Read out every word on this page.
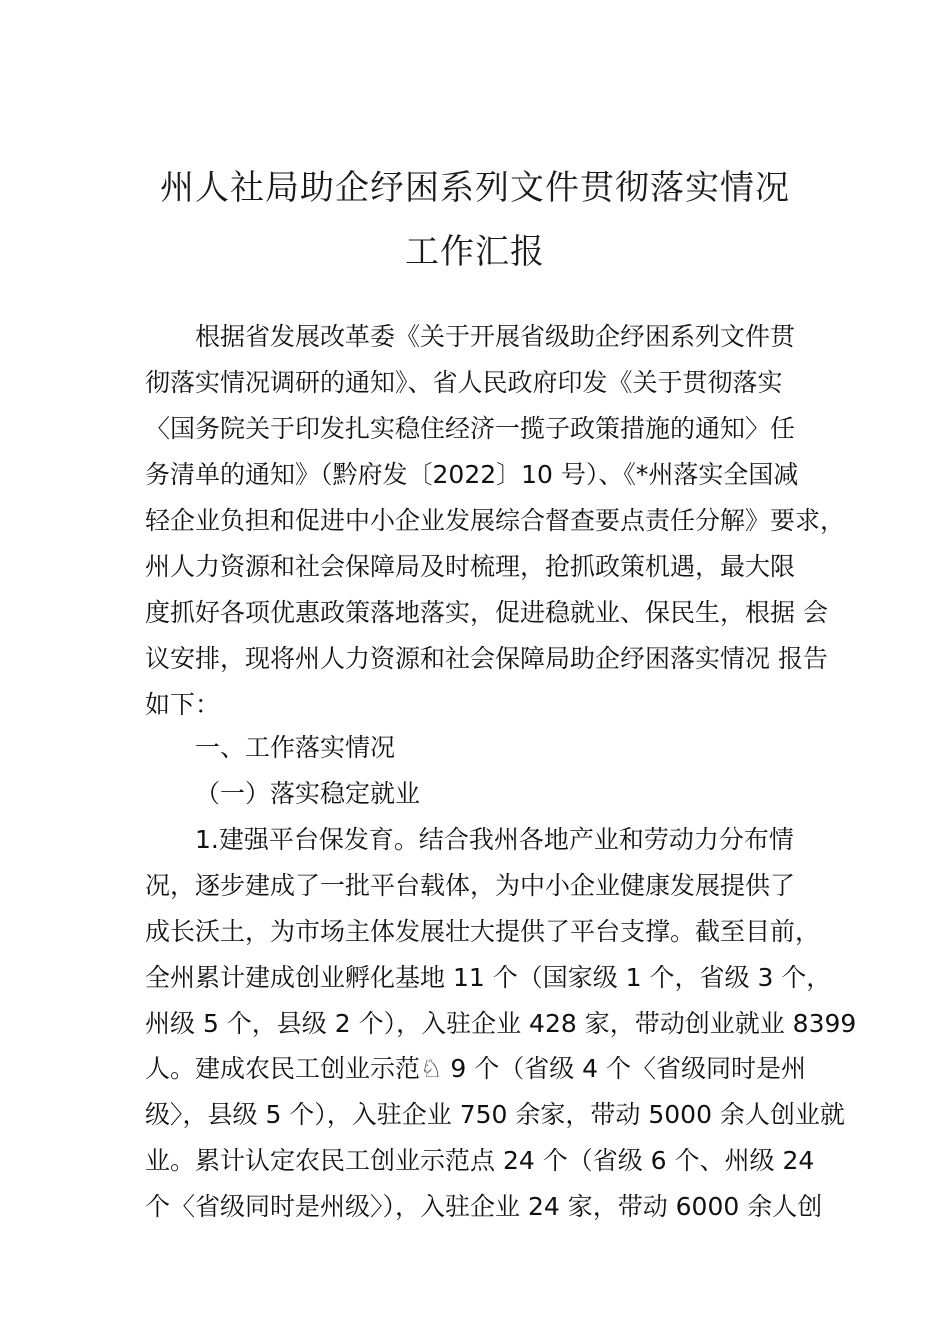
州人社局助企纾困系列文件贯彻落实情况
工作汇报
根据省发展改革委《关于开展省级助企纾困系列文件贯
彻落实情况调研的通知》、省人民政府印发《关于贯彻落实
〈国务院关于印发扎实稳住经济一揽子政策措施的通知〉任
务清单的通知》（黔府发〔2022〕10 号）、《*州落实全国减
轻企业负担和促进中小企业发展综合督查要点责任分解》要求，
州人力资源和社会保障局及时梳理，抢抓政策机遇，最大限
度抓好各项优惠政策落地落实，促进稳就业、保民生，根据 会
议安排，现将州人力资源和社会保障局助企纾困落实情况 报告
如下：
一、工作落实情况
（一）落实稳定就业
1.建强平台保发育。结合我州各地产业和劳动力分布情
况，逐步建成了一批平台载体，为中小企业健康发展提供了
成长沃土，为市场主体发展壮大提供了平台支撑。截至目前，
全州累计建成创业孵化基地 11 个（国家级 1 个，省级 3 个，
州级 5 个，县级 2 个），入驻企业 428 家，带动创业就业 8399
人。建成农民工创业示范♘ 9 个（省级 4 个〈省级同时是州
级〉，县级 5 个），入驻企业 750 余家，带动 5000 余人创业就
业。累计认定农民工创业示范点 24 个（省级 6 个、州级 24
个〈省级同时是州级〉），入驻企业 24 家，带动 6000 余人创
